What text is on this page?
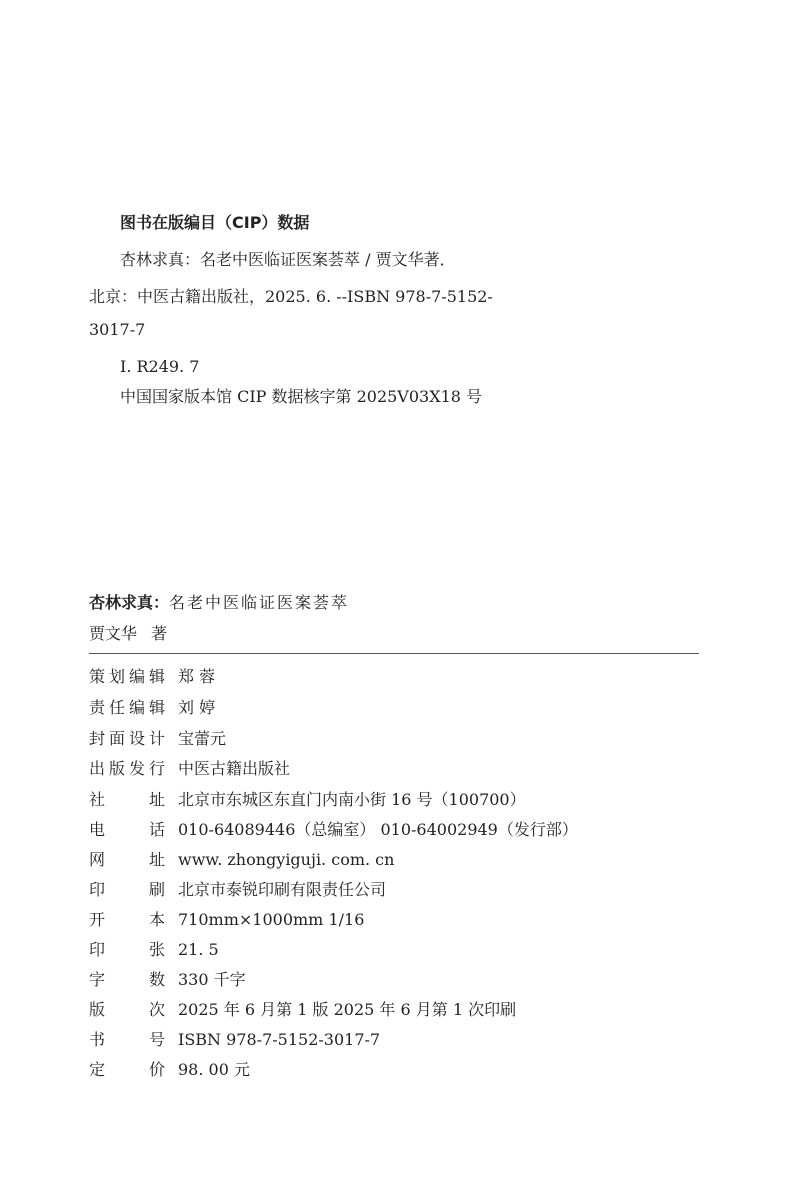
图书在版编目（CIP）数据
杏林求真：名老中医临证医案荟萃 / 贾文华著．
北京：中医古籍出版社，2025. 6. --ISBN 978-7-5152-
3017-7
Ⅰ. R249. 7
中国国家版本馆 CIP 数据核字第 2025V03X18 号
杏林求真：名老中医临证医案荟萃
贾文华 著
策划编辑 郑 蓉
责任编辑 刘 婷
封面设计 宝蕾元
出版发行 中医古籍出版社
社址 北京市东城区东直门内南小街 16 号（100700）
电话 010-64089446（总编室） 010-64002949（发行部）
网址 www. zhongyiguji. com. cn
印刷 北京市泰锐印刷有限责任公司
开本 710mm×1000mm 1/16
印张 21. 5
字数 330 千字
版次 2025 年 6 月第 1 版 2025 年 6 月第 1 次印刷
书号 ISBN 978-7-5152-3017-7
定价 98. 00 元
